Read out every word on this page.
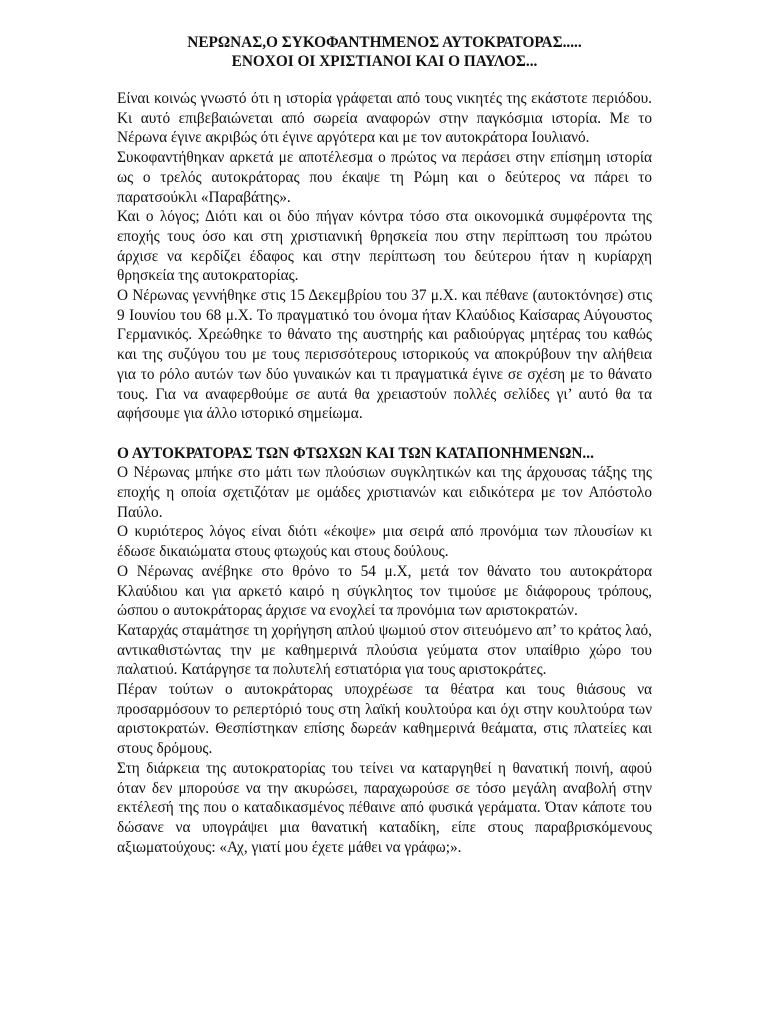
ΝΕΡΩΝΑΣ,Ο ΣΥΚΟΦΑΝΤΗΜΕΝΟΣ ΑΥΤΟΚΡΑΤΟΡΑΣ.....

ΕΝΟΧΟΙ ΟΙ ΧΡΙΣΤΙΑΝΟΙ ΚΑΙ Ο ΠΑΥΛΟΣ...

Είναι κοινώς γνωστό ότι η ιστορία γράφεται από τους νικητές της εκάστοτε περιόδου. Κι αυτό επιβεβαιώνεται από σωρεία αναφορών στην παγκόσμια ιστορία. Με το Νέρωνα έγινε ακριβώς ότι έγινε αργότερα και με τον αυτοκράτορα Ιουλιανό.

Συκοφαντήθηκαν αρκετά με αποτέλεσμα ο πρώτος να περάσει στην επίσημη ιστορία ως ο τρελός αυτοκράτορας που έκαψε τη Ρώμη και ο δεύτερος να πάρει το παρατσούκλι «Παραβάτης».

Και ο λόγος; Διότι και οι δύο πήγαν κόντρα τόσο στα οικονομικά συμφέροντα της εποχής τους όσο και στη χριστιανική θρησκεία που στην περίπτωση του πρώτου άρχισε να κερδίζει έδαφος και στην περίπτωση του δεύτερου ήταν η κυρίαρχη θρησκεία της αυτοκρατορίας.

Ο Νέρωνας γεννήθηκε στις 15 Δεκεμβρίου του 37 μ.Χ. και πέθανε (αυτοκτόνησε) στις 9 Ιουνίου του 68 μ.Χ. Το πραγματικό του όνομα ήταν Κλαύδιος Καίσαρας Αύγουστος Γερμανικός. Χρεώθηκε το θάνατο της αυστηρής και ραδιούργας μητέρας του καθώς και της συζύγου του με τους περισσότερους ιστορικούς να αποκρύβουν την αλήθεια για το ρόλο αυτών των δύο γυναικών και τι πραγματικά έγινε σε σχέση με το θάνατο τους. Για να αναφερθούμε σε αυτά θα χρειαστούν πολλές σελίδες γι’ αυτό θα τα αφήσουμε για άλλο ιστορικό σημείωμα.

Ο ΑΥΤΟΚΡΑΤΟΡΑΣ ΤΩΝ ΦΤΩΧΩΝ ΚΑΙ ΤΩΝ ΚΑΤΑΠΟΝΗΜΕΝΩΝ...

Ο Νέρωνας μπήκε στο μάτι των πλούσιων συγκλητικών και της άρχουσας τάξης της εποχής η οποία σχετιζόταν με ομάδες χριστιανών και ειδικότερα με τον Απόστολο Παύλο.

Ο κυριότερος λόγος είναι διότι «έκοψε» μια σειρά από προνόμια των πλουσίων κι έδωσε δικαιώματα στους φτωχούς και στους δούλους.

Ο Νέρωνας ανέβηκε στο θρόνο το 54 μ.Χ, μετά τον θάνατο του αυτοκράτορα Κλαύδιου και για αρκετό καιρό η σύγκλητος τον τιμούσε με διάφορους τρόπους, ώσπου ο αυτοκράτορας άρχισε να ενοχλεί τα προνόμια των αριστοκρατών.

Καταρχάς σταμάτησε τη χορήγηση απλού ψωμιού στον σιτευόμενο απ’ το κράτος λαό, αντικαθιστώντας την με καθημερινά πλούσια γεύματα στον υπαίθριο χώρο του παλατιού. Κατάργησε τα πολυτελή εστιατόρια για τους αριστοκράτες.

Πέραν τούτων ο αυτοκράτορας υποχρέωσε τα θέατρα και τους θιάσους να προσαρμόσουν το ρεπερτόριό τους στη λαϊκή κουλτούρα και όχι στην κουλτούρα των αριστοκρατών. Θεσπίστηκαν επίσης δωρεάν καθημερινά θεάματα, στις πλατείες και στους δρόμους.

Στη διάρκεια της αυτοκρατορίας του τείνει να καταργηθεί η θανατική ποινή, αφού όταν δεν μπορούσε να την ακυρώσει, παραχωρούσε σε τόσο μεγάλη αναβολή στην εκτέλεσή της που ο καταδικασμένος πέθαινε από φυσικά γεράματα. Όταν κάποτε του δώσανε να υπογράψει μια θανατική καταδίκη, είπε στους παραβρισκόμενους αξιωματούχους: «Αχ, γιατί μου έχετε μάθει να γράφω;».
